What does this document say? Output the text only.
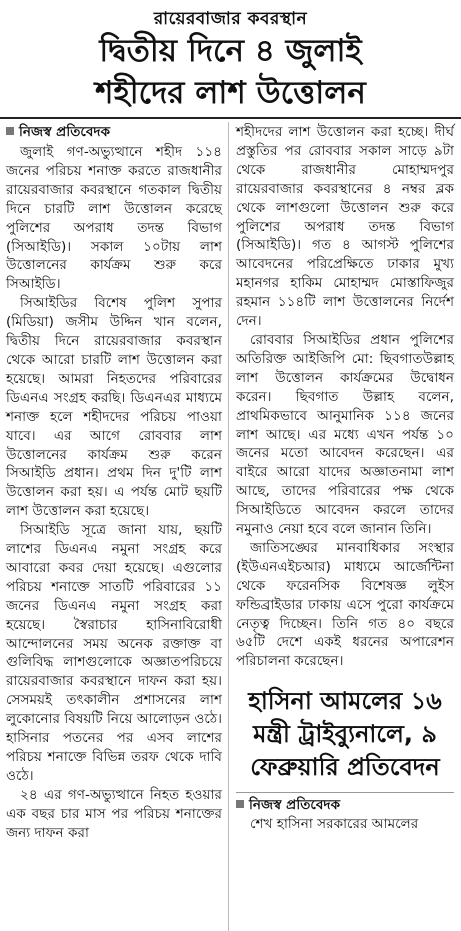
রায়েরবাজার কবরস্থান
দ্বিতীয় দিনে ৪ জুলাই
শহীদের লাশ উত্তোলন
নিজস্ব প্রতিবেদক

জুলাই গণ-অভ্যুত্থানে শহীদ ১১৪ জনের পরিচয় শনাক্ত করতে রাজধানীর রায়েরবাজার কবরস্থানে গতকাল দ্বিতীয় দিনে চারটি লাশ উত্তোলন করেছে পুলিশের অপরাধ তদন্ত বিভাগ (সিআইডি)। সকাল ১০টায় লাশ উত্তোলনের কার্যক্রম শুরু করে সিআইডি।

সিআইডির বিশেষ পুলিশ সুপার (মিডিয়া) জসীম উদ্দিন খান বলেন, দ্বিতীয় দিনে রায়েরবাজার কবরস্থান থেকে আরো চারটি লাশ উত্তোলন করা হয়েছে। আমরা নিহতদের পরিবারের ডিএনএ সংগ্রহ করছি। ডিএনএর মাধ্যমে শনাক্ত হলে শহীদদের পরিচয় পাওয়া যাবে। এর আগে রোববার লাশ উত্তোলনের কার্যক্রম শুরু করেন সিআইডি প্রধান। প্রথম দিন দু'টি লাশ উত্তোলন করা হয়। এ পর্যন্ত মোট ছয়টি লাশ উত্তোলন করা হয়েছে।

সিআইডি সূত্রে জানা যায়, ছয়টি লাশের ডিএনএ নমুনা সংগ্রহ করে আবারো কবর দেয়া হয়েছে। এগুলোর পরিচয় শনাক্তে সাতটি পরিবারের ১১ জনের ডিএনএ নমুনা সংগ্রহ করা হয়েছে। স্বৈরাচার হাসিনাবিরোধী আন্দোলনের সময় অনেক রক্তাক্ত বা গুলিবিদ্ধ লাশগুলোকে অজ্ঞাতপরিচয়ে রায়েরবাজার কবরস্থানে দাফন করা হয়। সেসময়ই তৎকালীন প্রশাসনের লাশ লুকোনোর বিষয়টি নিয়ে আলোড়ন ওঠে। হাসিনার পতনের পর এসব লাশের পরিচয় শনাক্তে বিভিন্ন তরফ থেকে দাবি ওঠে।

২৪ এর গণ-অভ্যুত্থানে নিহত হওয়ার এক বছর চার মাস পর পরিচয় শনাক্তের জন্য দাফন করা

শহীদদের লাশ উত্তোলন করা হচ্ছে। দীর্ঘ প্রস্তুতির পর রোববার সকাল সাড়ে ৯টা থেকে রাজধানীর মোহাম্মদপুর রায়েরবাজার কবরস্থানের ৪ নম্বর ব্লক থেকে লাশগুলো উত্তোলন শুরু করে পুলিশের অপরাধ তদন্ত বিভাগ (সিআইডি)। গত ৪ আগস্ট পুলিশের আবেদনের পরিপ্রেক্ষিতে ঢাকার মুখ্য মহানগর হাকিম মোহাম্মদ মোস্তাফিজুর রহমান ১১৪টি লাশ উত্তোলনের নির্দেশ দেন।

রোববার সিআইডির প্রধান পুলিশের অতিরিক্ত আইজিপি মো: ছিবগাতউল্লাহ লাশ উত্তোলন কার্যক্রমের উদ্বোধন করেন। ছিবগাত উল্লাহ বলেন, প্রাথমিকভাবে আনুমানিক ১১৪ জনের লাশ আছে। এর মধ্যে এখন পর্যন্ত ১০ জনের মতো আবেদন করেছেন। এর বাইরে আরো যাদের অজ্ঞাতনামা লাশ আছে, তাদের পরিবারের পক্ষ থেকে সিআইডিতে আবেদন করলে তাদের নমুনাও নেয়া হবে বলে জানান তিনি।

জাতিসঙ্ঘের মানবাধিকার সংস্থার (ইউএনএইচআর) মাধ্যমে আর্জেন্টিনা থেকে ফরেনসিক বিশেষজ্ঞ লুইস ফন্ডিব্রাইডার ঢাকায় এসে পুরো কার্যক্রমে নেতৃত্ব দিচ্ছেন। তিনি গত ৪০ বছরে ৬৫টি দেশে একই ধরনের অপারেশন পরিচালনা করেছেন।

হাসিনা আমলের ১৬ মন্ত্রী ট্রাইব্যুনালে, ৯ ফেব্রুয়ারি প্রতিবেদন
নিজস্ব প্রতিবেদক

শেখ হাসিনা সরকারের আমলের
